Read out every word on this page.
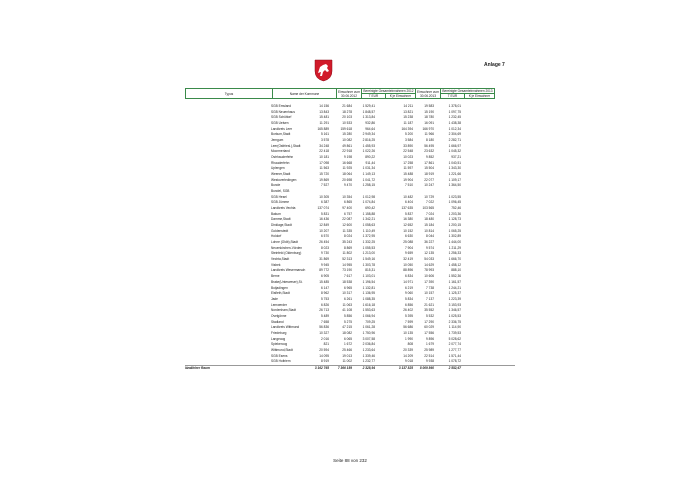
Anlage 7
Typus	Name der Kommune	Einwohner zum 30.06.2012	Bereinigte Gesamteinnahmen 2012		Einwohner zum 30.06.2013	Bereinigte Gesamteinnahmen 2013	
			T EUR	€ je Einwohner		T EUR	€ je Einwohner
SGB Emsland	14 156	21 684	1 529,41	14 211	19 583	1 378,01
SGB Neuenhaus	13 843	18 278	1 848,57	13 821	15 190	1 097,75
SGB Schüttorf	15 481	20 103	1 313,84	15 238	18 780	1 232,45
SGB Uelsen	11 291	10 533	932,86	11 187	16 091	1 438,38
Landkreis Leer	165 889	159 618	964,64	164 394	166 970	1 012,34
Borkum,Stadt	5 161	15 280	2 949,34	5 200	11 966	2 304,69
Jemgum	3 578	10 082	2 816,25	3 584	8 180	2 282,71
Leer(Ostfriesl.),Stadt	34 248	49 861	1 455,93	33 890	56 495	1 666,97
Moormerland	22 418	22 918	1 022,26	22 548	23 632	1 045,32
Ostrhauderfehn	10 181	9 198	890,22	10 023	9 852	937,21
Rhauderfehn	17 098	16 668	911,44	17 258	17 861	1 040,51
Uplengen	11 563	11 925	1 031,34	11 597	15 504	1 343,30
Weener,Stadt	15 720	18 064	1 149,13	15 488	18 919	1 221,66
Westoverledingen	19 869	20 698	1 041,72	19 904	22 077	1 109,17
Bunde	7 527	9 470	1 258,15	7 510	10 247	1 364,50
Bundel, SGB
SGB Hesel	10 305	10 354	1 012,98	10 482	10 729	1 023,55
SGB Jümme	6 387	6 865	1 074,84	6 404	7 022	1 096,45
Landkreis Vechta	137 074	97 400	690,42	137 635	103 565	752,46
Bakum	5 831	6 757	1 158,88	5 837	7 024	1 203,36
Damme,Stadt	16 436	22 087	1 342,21	16 380	18 480	1 128,73
Dinklage,Stadt	12 849	12 600	1 058,63	12 652	15 184	1 200,15
Goldenstedt	10 207	11 335	1 110,49	10 152	10 814	1 065,25
Holdorf	6 570	8 024	1 372,95	6 630	8 044	1 302,89
Lohne (Oldb),Stadt	26 454	35 243	1 332,25	25 088	36 227	1 444,00
Neuenkirchen-Vörden	8 023	8 869	1 055,53	7 904	9 574	1 211,29
Steinfeld (Oldenburg)	9 730	11 802	1 213,00	9 659	12 135	1 256,33
Vechta,Stadt	31 869	52 313	1 549,16	32 419	54 033	1 666,70
Visbek	9 945	14 955	1 303,78	10 050	14 629	1 458,12
Landkreis Wesermarsch	89 772	73 190	815,31	88 896	78 993	888,10
Berne	6 905	7 617	1 103,01	6 834	10 606	1 552,36
Brake(Unterweser),St.	15 485	18 538	1 196,54	14 971	17 390	1 161,57
Butjadingen	6 147	6 965	1 132,81	6 219	7 738	1 244,21
Elsfleth,Stadt	8 962	10 317	1 136,95	9 060	10 157	1 125,37
Jade	5 753	6 261	1 088,35	5 834	7 137	1 223,39
Lemwerder	6 826	11 063	1 616,18	6 856	21 621	3 153,93
Nordenham,Stadt	26 713	41 108	1 553,63	26 402	35 552	1 346,57
Ovelgönne	5 489	5 856	1 066,94	5 395	5 532	1 025,53
Stadland	7 658	5 275	709,25	7 599	17 290	2 336,75
Landkreis Wittmund	56 836	47 215	1 061,28	56 686	60 029	1 114,90
Friedeburg	10 327	18 082	1 750,96	10 135	17 556	1 739,53
Langeoog	2 016	6 065	3 007,58	1 990	9 896	5 028,62
Spiekeroog	821	1 672	2 036,84	808	1 679	2 077,74
Wittmund,Stadt	20 594	25 466	1 233,64	20 339	25 989	1 277,77
SGB Esens	14 095	19 013	1 339,46	14 209	22 514	1 571,44
SGB Holtriem	8 919	11 002	1 232,77	9 018	9 938	1 078,72
ländlicher Raum	3 162 765	7 366 159	2 328,94	3 137 825	8 009 860	2 552,67
Seite 88 von 232
